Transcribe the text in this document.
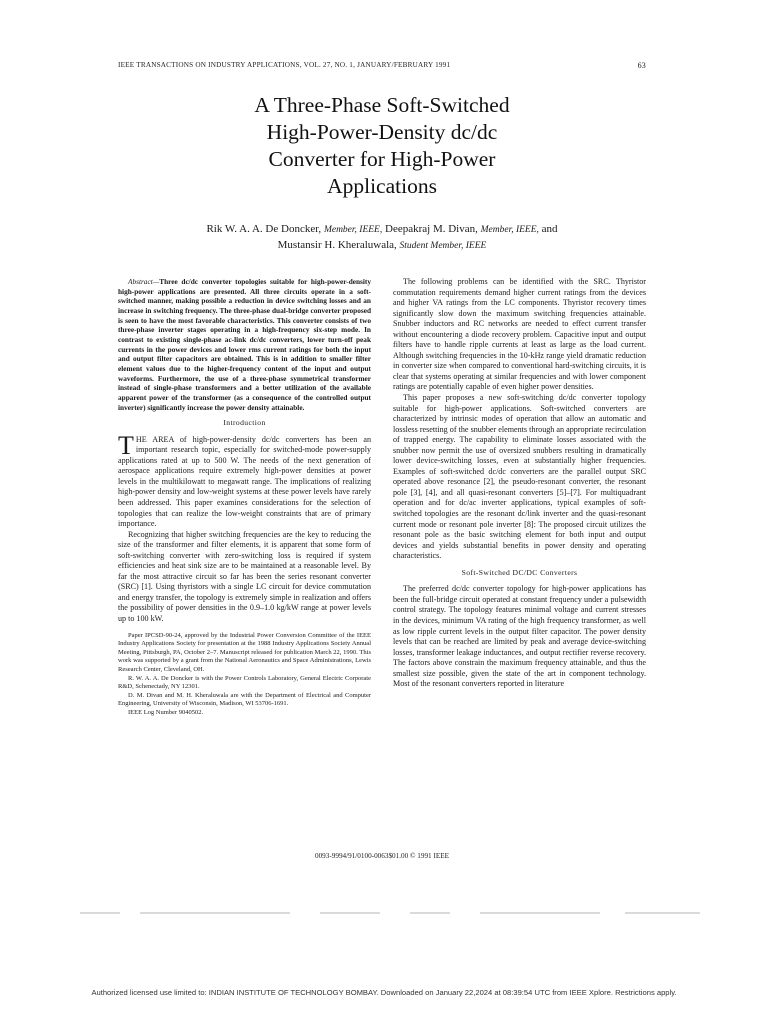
IEEE TRANSACTIONS ON INDUSTRY APPLICATIONS, VOL. 27, NO. 1, JANUARY/FEBRUARY 1991	63
A Three-Phase Soft-Switched
High-Power-Density dc/dc
Converter for High-Power
Applications
Rik W. A. A. De Doncker, Member, IEEE, Deepakraj M. Divan, Member, IEEE, and
Mustansir H. Kheraluwala, Student Member, IEEE

Abstract—Three dc/dc converter topologies suitable for high-power-density high-power applications are presented. All three circuits operate in a soft-switched manner, making possible a reduction in device switching losses and an increase in switching frequency. The three-phase dual-bridge converter proposed is seen to have the most favorable characteristics. This converter consists of two three-phase inverter stages operating in a high-frequency six-step mode. In contrast to existing single-phase ac-link dc/dc converters, lower turn-off peak currents in the power devices and lower rms current ratings for both the input and output filter capacitors are obtained. This is in addition to smaller filter element values due to the higher-frequency content of the input and output waveforms. Furthermore, the use of a three-phase symmetrical transformer instead of single-phase transformers and a better utilization of the available apparent power of the transformer (as a consequence of the controlled output inverter) significantly increase the power density attainable.

Introduction

THE AREA of high-power-density dc/dc converters has been an important research topic, especially for switched-mode power-supply applications rated at up to 500 W. The needs of the next generation of aerospace applications require extremely high-power densities at power levels in the multikilowatt to megawatt range. The implications of realizing high-power density and low-weight systems at these power levels have rarely been addressed. This paper examines considerations for the selection of topologies that can realize the low-weight constraints that are of primary importance.

Recognizing that higher switching frequencies are the key to reducing the size of the transformer and filter elements, it is apparent that some form of soft-switching converter with zero-switching loss is required if system efficiencies and heat sink size are to be maintained at a reasonable level. By far the most attractive circuit so far has been the series resonant converter (SRC) [1]. Using thyristors with a single LC circuit for device commutation and energy transfer, the topology is extremely simple in realization and offers the possibility of power densities in the 0.9–1.0 kg/kW range at power levels up to 100 kW.

Paper IPCSD-90-24, approved by the Industrial Power Conversion Committee of the IEEE Industry Applications Society for presentation at the 1988 Industry Applications Society Annual Meeting, Pittsburgh, PA, October 2–7. Manuscript released for publication March 22, 1990. This work was supported by a grant from the National Aeronautics and Space Administrations, Lewis Research Center, Cleveland, OH.

R. W. A. A. De Doncker is with the Power Controls Laboratory, General Electric Corporate R&D, Schenectady, NY 12301.

D. M. Divan and M. H. Kheraluwala are with the Department of Electrical and Computer Engineering, University of Wisconsin, Madison, WI 53706-1691.

IEEE Log Number 9040502.

The following problems can be identified with the SRC. Thyristor commutation requirements demand higher current ratings from the devices and higher VA ratings from the LC components. Thyristor recovery times significantly slow down the maximum switching frequencies attainable. Snubber inductors and RC networks are needed to effect current transfer without encountering a diode recovery problem. Capacitive input and output filters have to handle ripple currents at least as large as the load current. Although switching frequencies in the 10-kHz range yield dramatic reduction in converter size when compared to conventional hard-switching circuits, it is clear that systems operating at similar frequencies and with lower component ratings are potentially capable of even higher power densities.

This paper proposes a new soft-switching dc/dc converter topology suitable for high-power applications. Soft-switched converters are characterized by intrinsic modes of operation that allow an automatic and lossless resetting of the snubber elements through an appropriate recirculation of trapped energy. The capability to eliminate losses associated with the snubber now permit the use of oversized snubbers resulting in dramatically lower device-switching losses, even at substantially higher frequencies. Examples of soft-switched dc/dc converters are the parallel output SRC operated above resonance [2], the pseudo-resonant converter, the resonant pole [3], [4], and all quasi-resonant converters [5]–[7]. For multiquadrant operation and for dc/ac inverter applications, typical examples of soft-switched topologies are the resonant dc/link inverter and the quasi-resonant current mode or resonant pole inverter [8]: The proposed circuit utilizes the resonant pole as the basic switching element for both input and output devices and yields substantial benefits in power density and operating characteristics.

Soft-Switched DC/DC Converters

The preferred dc/dc converter topology for high-power applications has been the full-bridge circuit operated at constant frequency under a pulsewidth control strategy. The topology features minimal voltage and current stresses in the devices, minimum VA rating of the high frequency transformer, as well as low ripple current levels in the output filter capacitor. The power density levels that can be reached are limited by peak and average device-switching losses, transformer leakage inductances, and output rectifier reverse recovery. The factors above constrain the maximum frequency attainable, and thus the smallest size possible, given the state of the art in component technology. Most of the resonant converters reported in literature

0093-9994/91/0100-0063$01.00 © 1991 IEEE
Authorized licensed use limited to: INDIAN INSTITUTE OF TECHNOLOGY BOMBAY. Downloaded on January 22,2024 at 08:39:54 UTC from IEEE Xplore. Restrictions apply.
